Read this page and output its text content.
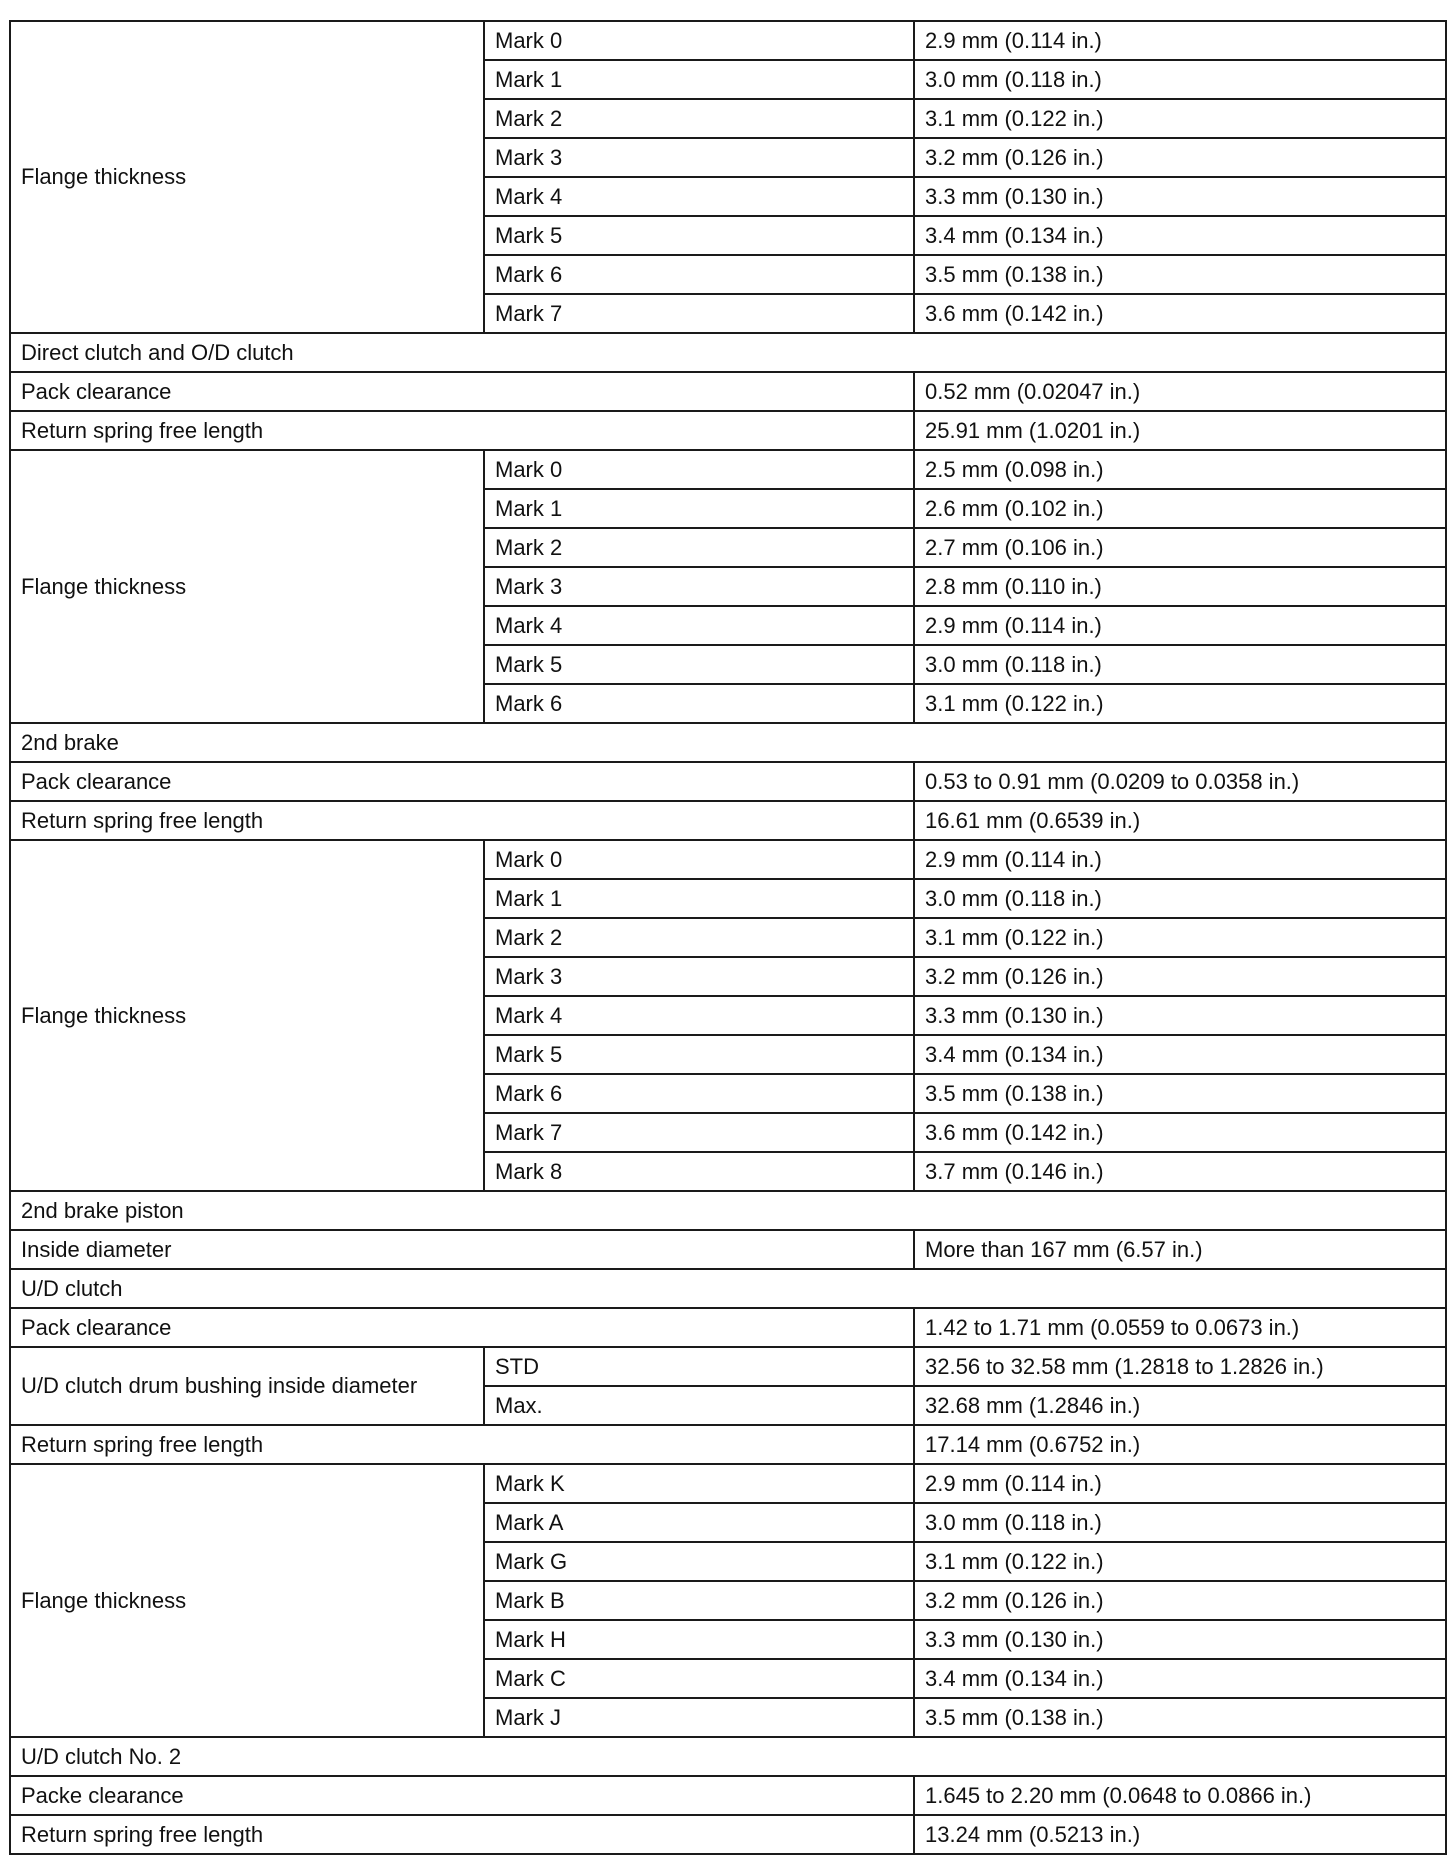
Flange thickness	Mark 0	2.9 mm (0.114 in.)
	Mark 1	3.0 mm (0.118 in.)
	Mark 2	3.1 mm (0.122 in.)
	Mark 3	3.2 mm (0.126 in.)
	Mark 4	3.3 mm (0.130 in.)
	Mark 5	3.4 mm (0.134 in.)
	Mark 6	3.5 mm (0.138 in.)
	Mark 7	3.6 mm (0.142 in.)
Direct clutch and O/D clutch		
Pack clearance		0.52 mm (0.02047 in.)
Return spring free length		25.91 mm (1.0201 in.)
Flange thickness	Mark 0	2.5 mm (0.098 in.)
	Mark 1	2.6 mm (0.102 in.)
	Mark 2	2.7 mm (0.106 in.)
	Mark 3	2.8 mm (0.110 in.)
	Mark 4	2.9 mm (0.114 in.)
	Mark 5	3.0 mm (0.118 in.)
	Mark 6	3.1 mm (0.122 in.)
2nd brake		
Pack clearance		0.53 to 0.91 mm (0.0209 to 0.0358 in.)
Return spring free length		16.61 mm (0.6539 in.)
Flange thickness	Mark 0	2.9 mm (0.114 in.)
	Mark 1	3.0 mm (0.118 in.)
	Mark 2	3.1 mm (0.122 in.)
	Mark 3	3.2 mm (0.126 in.)
	Mark 4	3.3 mm (0.130 in.)
	Mark 5	3.4 mm (0.134 in.)
	Mark 6	3.5 mm (0.138 in.)
	Mark 7	3.6 mm (0.142 in.)
	Mark 8	3.7 mm (0.146 in.)
2nd brake piston		
Inside diameter		More than 167 mm (6.57 in.)
U/D clutch		
Pack clearance		1.42 to 1.71 mm (0.0559 to 0.0673 in.)
U/D clutch drum bushing inside diameter	STD	32.56 to 32.58 mm (1.2818 to 1.2826 in.)
	Max.	32.68 mm (1.2846 in.)
Return spring free length		17.14 mm (0.6752 in.)
Flange thickness	Mark K	2.9 mm (0.114 in.)
	Mark A	3.0 mm (0.118 in.)
	Mark G	3.1 mm (0.122 in.)
	Mark B	3.2 mm (0.126 in.)
	Mark H	3.3 mm (0.130 in.)
	Mark C	3.4 mm (0.134 in.)
	Mark J	3.5 mm (0.138 in.)
U/D clutch No. 2		
Packe clearance		1.645 to 2.20 mm (0.0648 to 0.0866 in.)
Return spring free length		13.24 mm (0.5213 in.)
